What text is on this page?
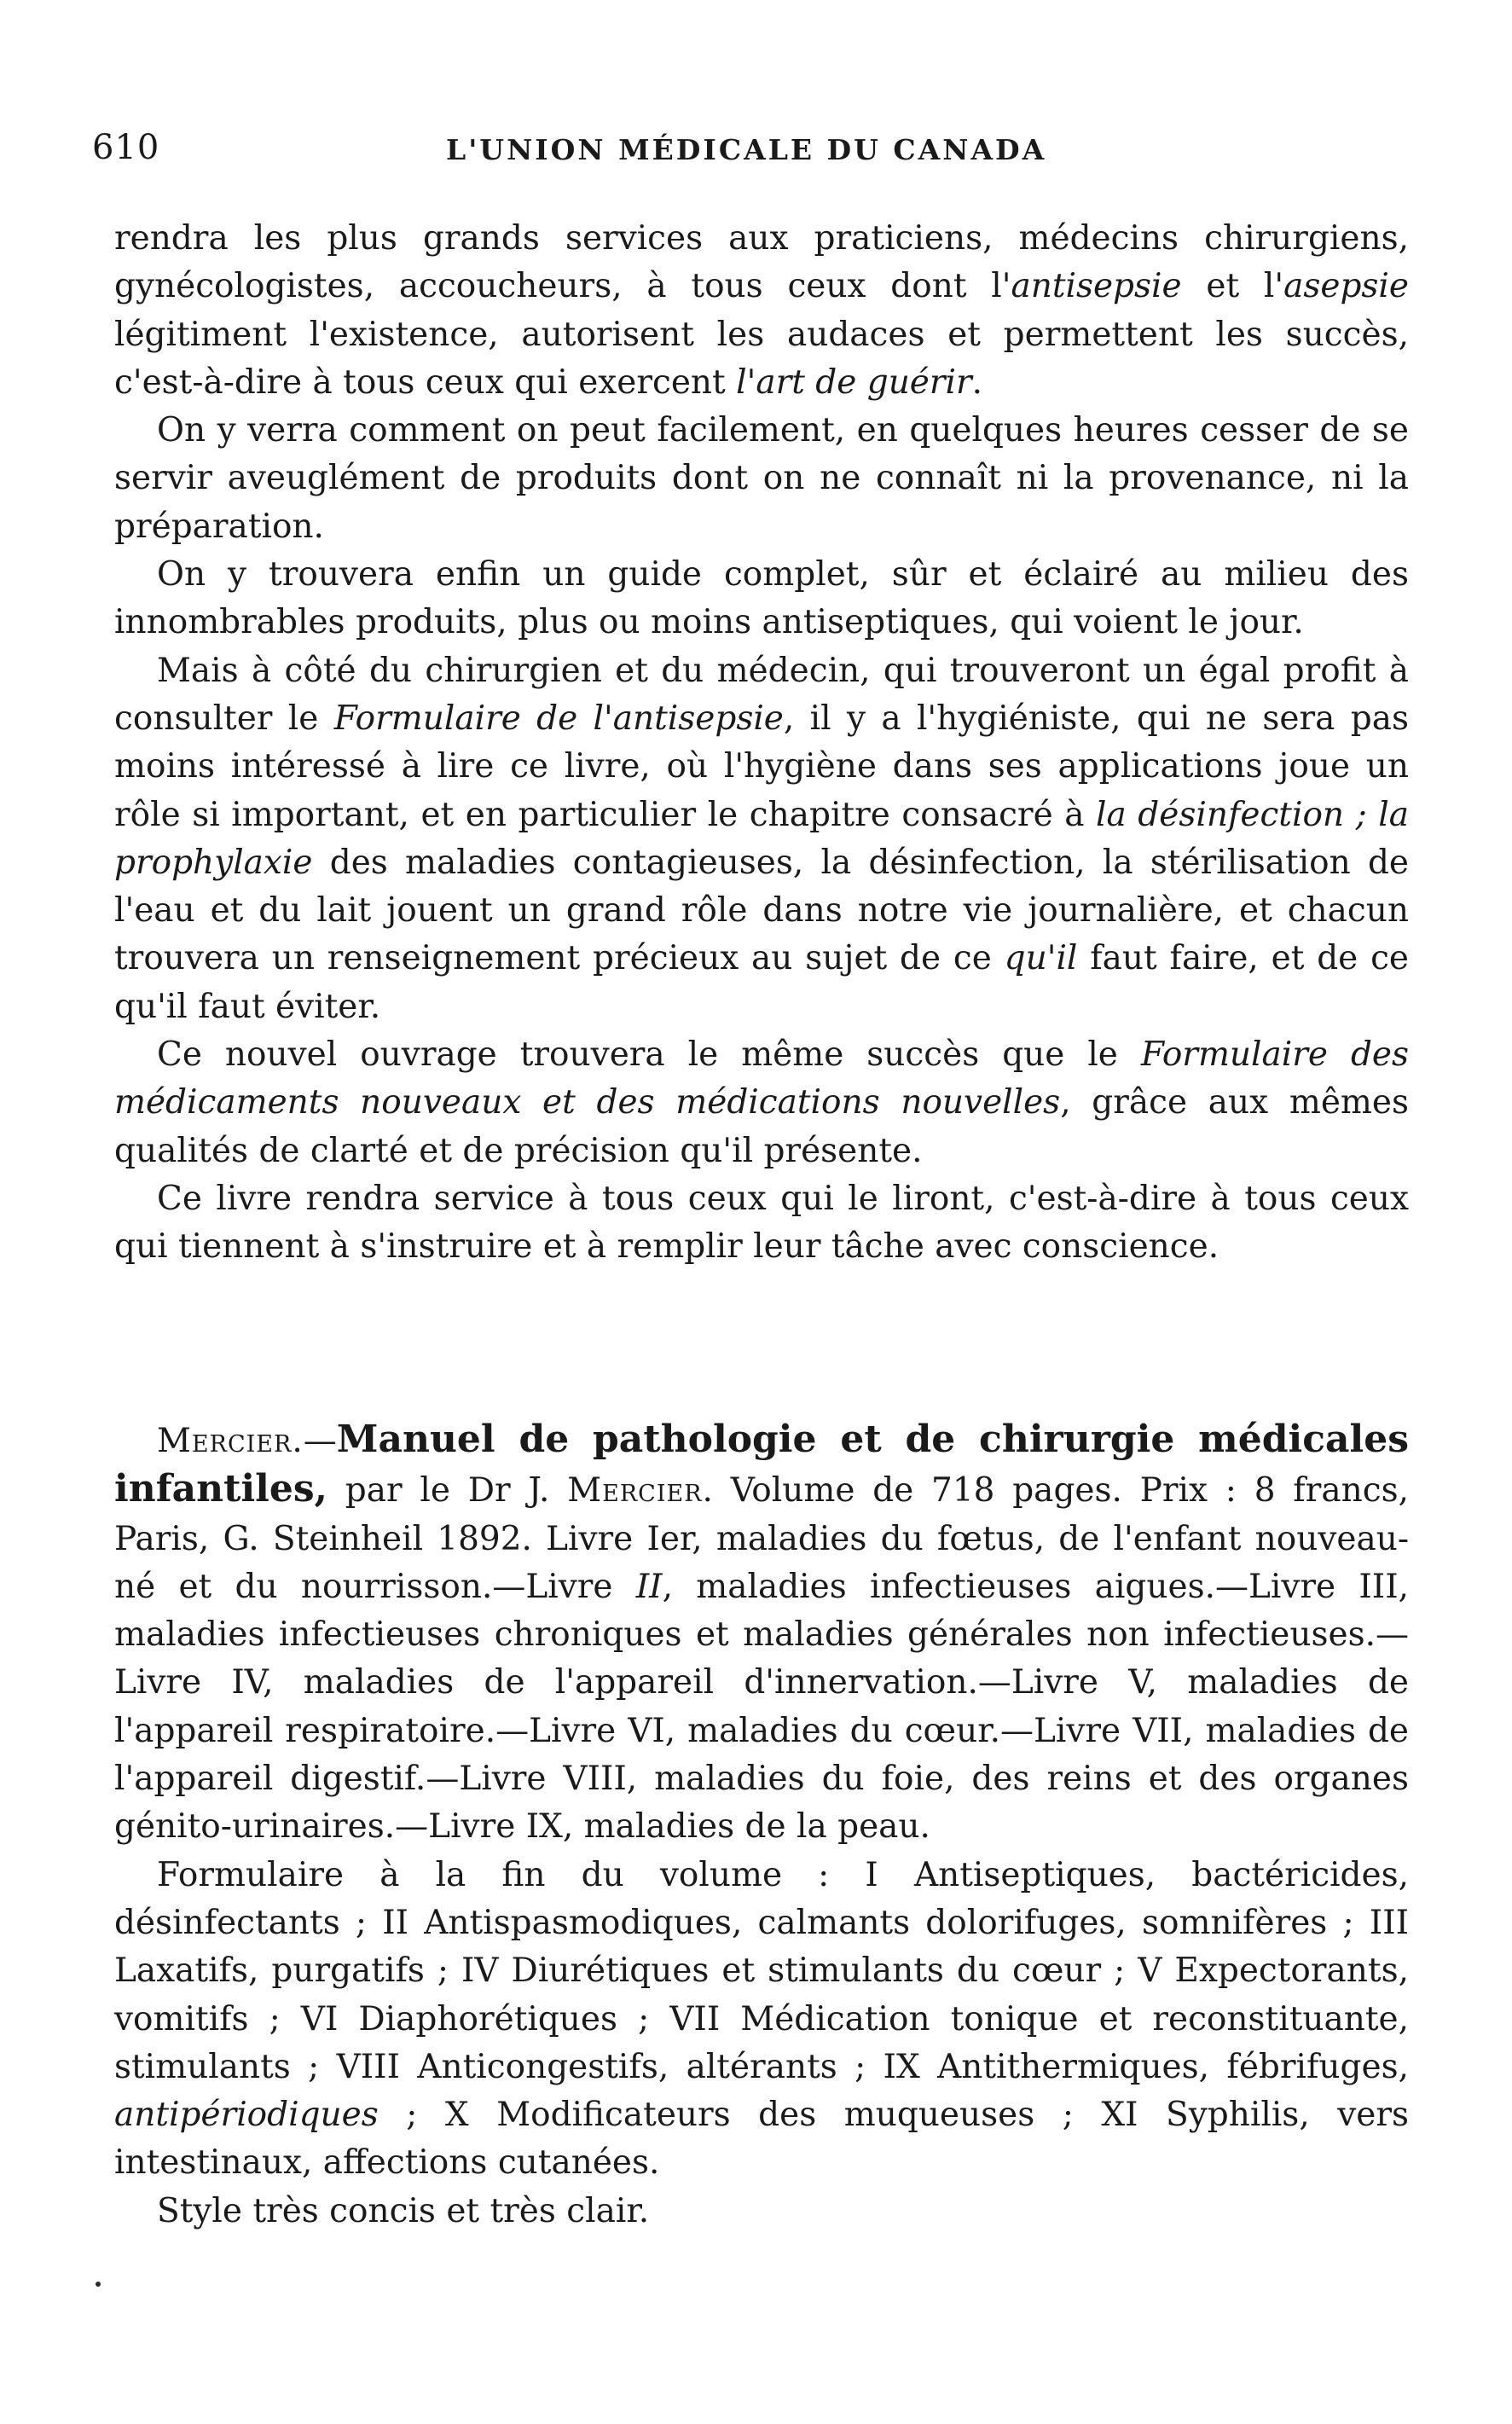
610	L'UNION MÉDICALE DU CANADA

rendra les plus grands services aux praticiens, médecins chirurgiens, gynécologistes, accoucheurs, à tous ceux dont l'antisepsie et l'asepsie légitiment l'existence, autorisent les audaces et permettent les succès, c'est-à-dire à tous ceux qui exercent l'art de guérir.

On y verra comment on peut facilement, en quelques heures cesser de se servir aveuglément de produits dont on ne connaît ni la provenance, ni la préparation.

On y trouvera enfin un guide complet, sûr et éclairé au milieu des innombrables produits, plus ou moins antiseptiques, qui voient le jour.

Mais à côté du chirurgien et du médecin, qui trouveront un égal profit à consulter le Formulaire de l'antisepsie, il y a l'hygiéniste, qui ne sera pas moins intéressé à lire ce livre, où l'hygiène dans ses applications joue un rôle si important, et en particulier le chapitre consacré à la désinfection ; la prophylaxie des maladies contagieuses, la désinfection, la stérilisation de l'eau et du lait jouent un grand rôle dans notre vie journalière, et chacun trouvera un renseignement précieux au sujet de ce qu'il faut faire, et de ce qu'il faut éviter.

Ce nouvel ouvrage trouvera le même succès que le Formulaire des médicaments nouveaux et des médications nouvelles, grâce aux mêmes qualités de clarté et de précision qu'il présente.

Ce livre rendra service à tous ceux qui le liront, c'est-à-dire à tous ceux qui tiennent à s'instruire et à remplir leur tâche avec conscience.

Mercier.—Manuel de pathologie et de chirurgie médicales infantiles, par le Dr J. Mercier. Volume de 718 pages. Prix : 8 francs, Paris, G. Steinheil 1892. Livre Ier, maladies du fœtus, de l'enfant nouveau-né et du nourrisson.—Livre II, maladies infectieuses aigues.—Livre III, maladies infectieuses chroniques et maladies générales non infectieuses.—Livre IV, maladies de l'appareil d'innervation.—Livre V, maladies de l'appareil respiratoire.—Livre VI, maladies du cœur.—Livre VII, maladies de l'appareil digestif.—Livre VIII, maladies du foie, des reins et des organes génito-urinaires.—Livre IX, maladies de la peau.

Formulaire à la fin du volume : I Antiseptiques, bactéricides, désinfectants ; II Antispasmodiques, calmants dolorifuges, somnifères ; III Laxatifs, purgatifs ; IV Diurétiques et stimulants du cœur ; V Expectorants, vomitifs ; VI Diaphorétiques ; VII Médication tonique et reconstituante, stimulants ; VIII Anticongestifs, altérants ; IX Antithermiques, fébrifuges, antipériodiques ; X Modificateurs des muqueuses ; XI Syphilis, vers intestinaux, affections cutanées.

Style très concis et très clair.
